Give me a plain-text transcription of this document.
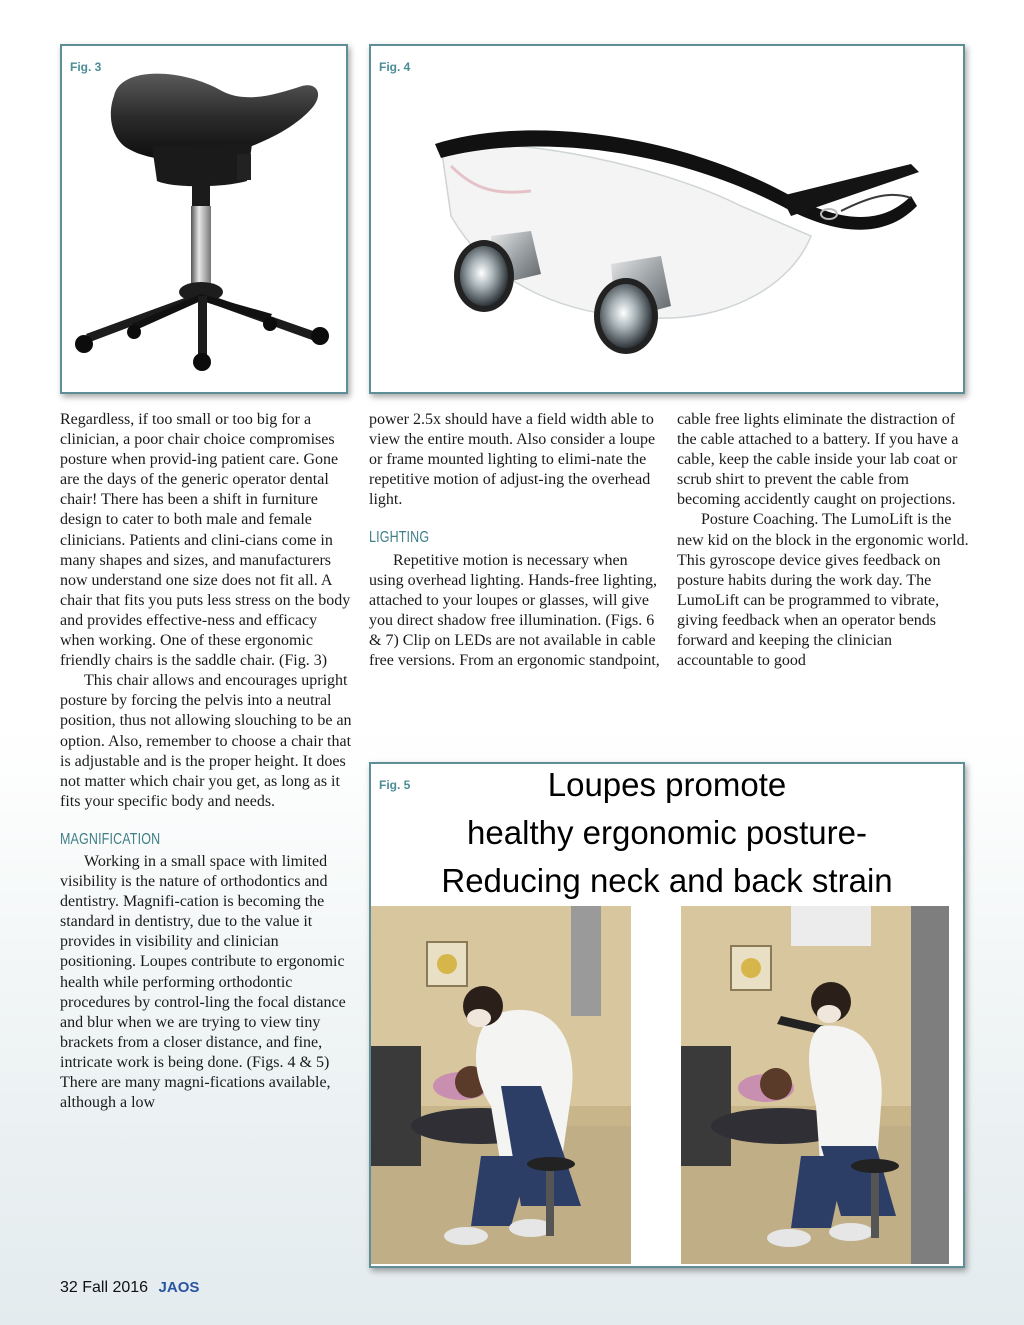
Fig. 3	Fig. 4

Regardless, if too small or too big for a clinician, a poor chair choice compromises posture when provid-ing patient care. Gone are the days of the generic operator dental chair! There has been a shift in furniture design to cater to both male and female clinicians. Patients and clini-cians come in many shapes and sizes, and manufacturers now understand one size does not fit all. A chair that fits you puts less stress on the body and provides effective-ness and efficacy when working. One of these ergonomic friendly chairs is the saddle chair. (Fig. 3)

This chair allows and encourages upright posture by forcing the pelvis into a neutral position, thus not allowing slouching to be an option. Also, remember to choose a chair that is adjustable and is the proper height. It does not matter which chair you get, as long as it fits your specific body and needs.

MAGNIFICATION

Working in a small space with limited visibility is the nature of orthodontics and dentistry. Magnifi-cation is becoming the standard in dentistry, due to the value it provides in visibility and clinician positioning. Loupes contribute to ergonomic health while performing orthodontic procedures by control-ling the focal distance and blur when we are trying to view tiny brackets from a closer distance, and fine, intricate work is being done. (Figs. 4 & 5) There are many magni-fications available, although a low

power 2.5x should have a field width able to view the entire mouth. Also consider a loupe or frame mounted lighting to elimi-nate the repetitive motion of adjust-ing the overhead light.

LIGHTING

Repetitive motion is necessary when using overhead lighting. Hands-free lighting, attached to your loupes or glasses, will give you direct shadow free illumination. (Figs. 6 & 7) Clip on LEDs are not available in cable free versions. From an ergonomic standpoint,

cable free lights eliminate the distraction of the cable attached to a battery. If you have a cable, keep the cable inside your lab coat or scrub shirt to prevent the cable from becoming accidently caught on projections.

Posture Coaching. The LumoLift is the new kid on the block in the ergonomic world. This gyroscope device gives feedback on posture habits during the work day. The LumoLift can be programmed to vibrate, giving feedback when an operator bends forward and keeping the clinician accountable to good

Fig. 5	Loupes promote
healthy ergonomic posture-
Reducing neck and back strain
32 Fall 2016 JAOS
